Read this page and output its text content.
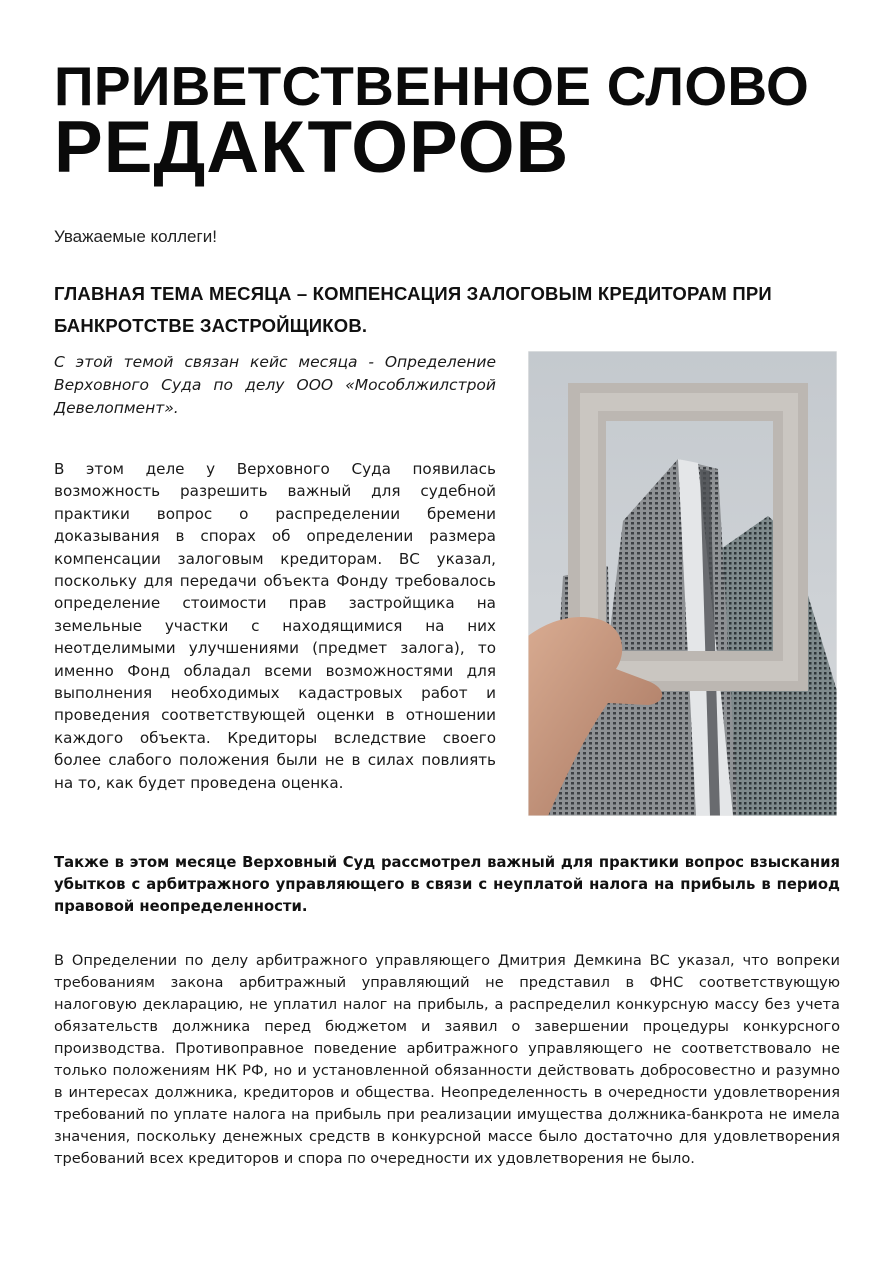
ПРИВЕТСТВЕННОЕ СЛОВО
РЕДАКТОРОВ
Уважаемые коллеги!
ГЛАВНАЯ ТЕМА МЕСЯЦА – КОМПЕНСАЦИЯ ЗАЛОГОВЫМ КРЕДИТОРАМ ПРИ БАНКРОТСТВЕ ЗАСТРОЙЩИКОВ.
С этой темой связан кейс месяца - Определение Верховного Суда по делу ООО «Мособлжилстрой Девелопмент».
В этом деле у Верховного Суда появилась возможность разрешить важный для судебной практики вопрос о распределении бремени доказывания в спорах об определении размера компенсации залоговым кредиторам. ВС указал, поскольку для передачи объекта Фонду требовалось определение стоимости прав застройщика на земельные участки с находящимися на них неотделимыми улучшениями (предмет залога), то именно Фонд обладал всеми возможностями для выполнения необходимых кадастровых работ и проведения соответствующей оценки в отношении каждого объекта. Кредиторы вследствие своего более слабого положения были не в силах повлиять на то, как будет проведена оценка.
Также в этом месяце Верховный Суд рассмотрел важный для практики вопрос взыскания убытков с арбитражного управляющего в связи с неуплатой налога на прибыль в период правовой неопределенности.
В Определении по делу арбитражного управляющего Дмитрия Демкина ВС указал, что вопреки требованиям закона арбитражный управляющий не представил в ФНС соответствующую налоговую декларацию, не уплатил налог на прибыль, а распределил конкурсную массу без учета обязательств должника перед бюджетом и заявил о завершении процедуры конкурсного производства. Противоправное поведение арбитражного управляющего не соответствовало не только положениям НК РФ, но и установленной обязанности действовать добросовестно и разумно в интересах должника, кредиторов и общества. Неопределенность в очередности удовлетворения требований по уплате налога на прибыль при реализации имущества должника-банкрота не имела значения, поскольку денежных средств в конкурсной массе было достаточно для удовлетворения требований всех кредиторов и спора по очередности их удовлетворения не было.
